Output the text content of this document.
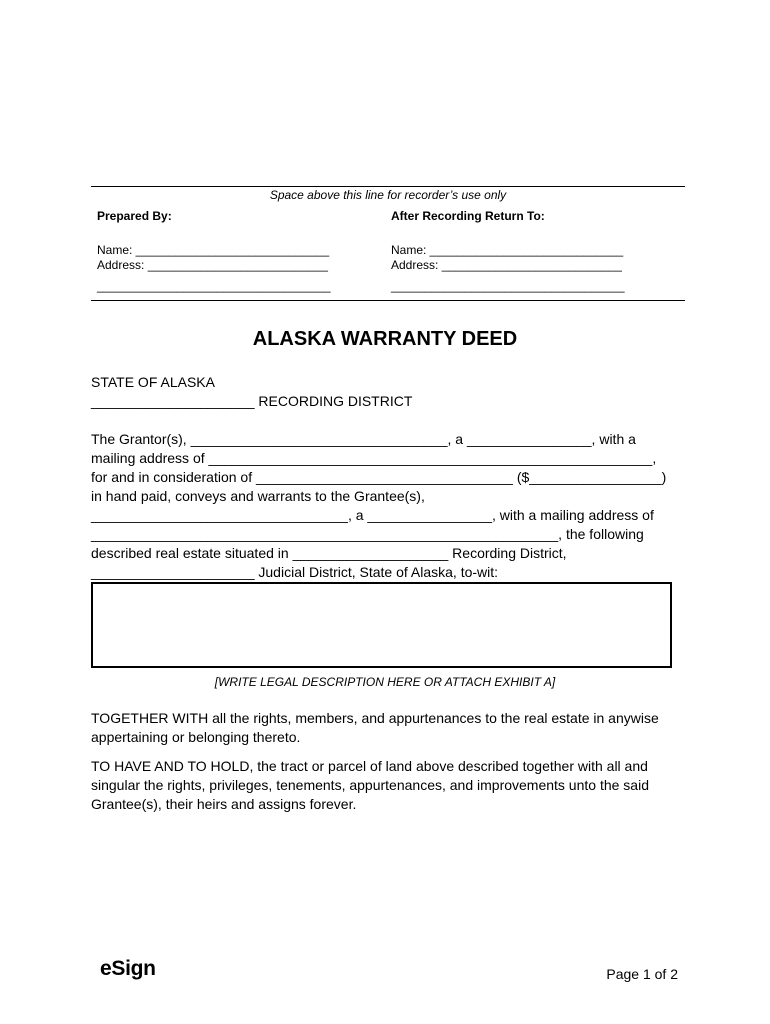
Space above this line for recorder’s use only
Prepared By:
Name: _____________________________
Address: ___________________________
___________________________________
After Recording Return To:
Name: _____________________________
Address: ___________________________
___________________________________
ALASKA WARRANTY DEED
STATE OF ALASKA
_____________________ RECORDING DISTRICT
The Grantor(s), _________________________________, a ________________, with a
mailing address of _________________________________________________________,
for and in consideration of _________________________________ ($_________________)
in hand paid, conveys and warrants to the Grantee(s),
_________________________________, a ________________, with a mailing address of
____________________________________________________________, the following
described real estate situated in ____________________ Recording District,
_____________________ Judicial District, State of Alaska, to-wit:
[WRITE LEGAL DESCRIPTION HERE OR ATTACH EXHIBIT A]
TOGETHER WITH all the rights, members, and appurtenances to the real estate in anywise appertaining or belonging thereto.
TO HAVE AND TO HOLD, the tract or parcel of land above described together with all and singular the rights, privileges, tenements, appurtenances, and improvements unto the said Grantee(s), their heirs and assigns forever.
eSign	Page 1 of 2
